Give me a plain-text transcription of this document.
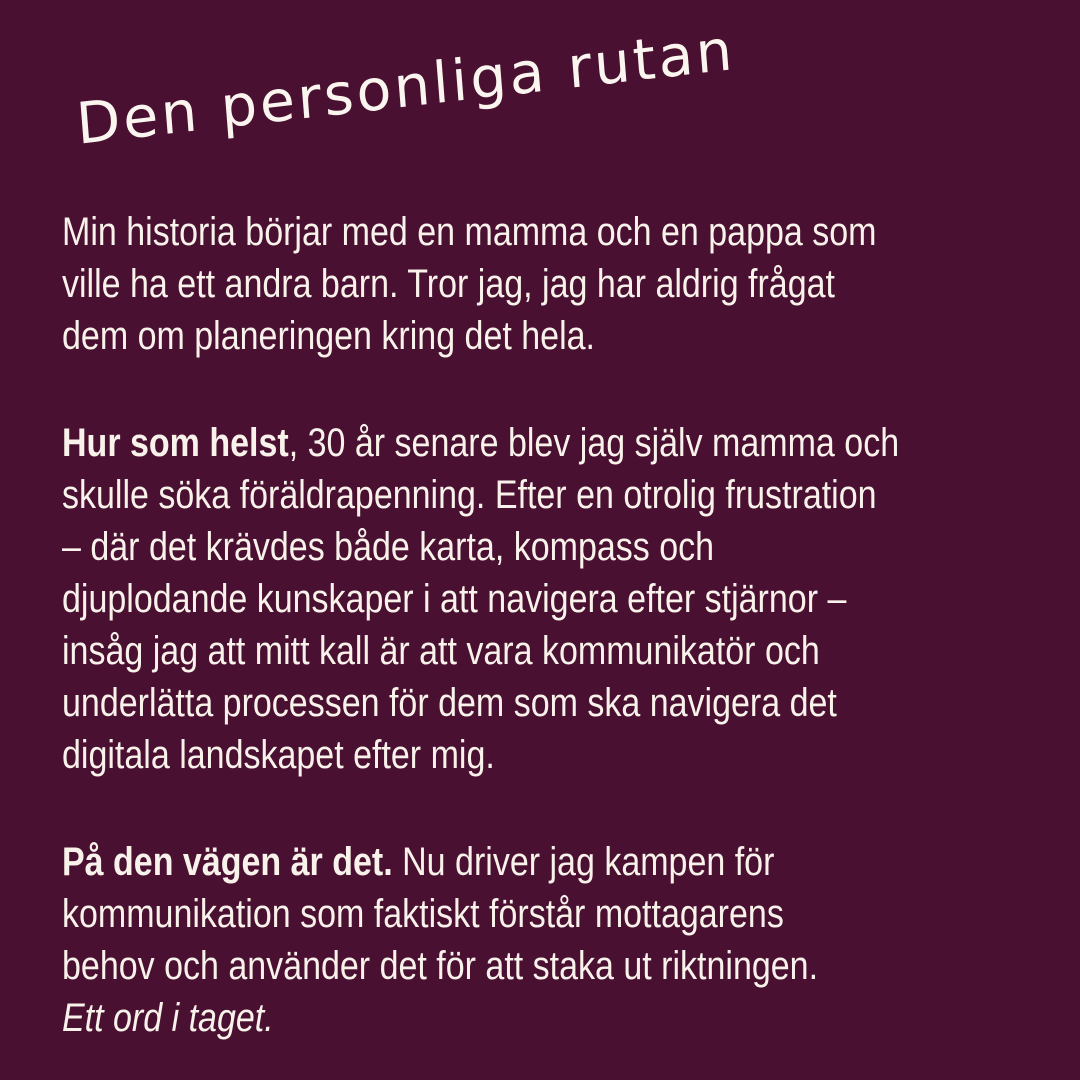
Den personliga rutan
Min historia börjar med en mamma och en pappa som
ville ha ett andra barn. Tror jag, jag har aldrig frågat
dem om planeringen kring det hela.
Hur som helst, 30 år senare blev jag själv mamma och
skulle söka föräldrapenning. Efter en otrolig frustration
– där det krävdes både karta, kompass och
djuplodande kunskaper i att navigera efter stjärnor –
insåg jag att mitt kall är att vara kommunikatör och
underlätta processen för dem som ska navigera det
digitala landskapet efter mig.
På den vägen är det. Nu driver jag kampen för
kommunikation som faktiskt förstår mottagarens
behov och använder det för att staka ut riktningen.
Ett ord i taget.
